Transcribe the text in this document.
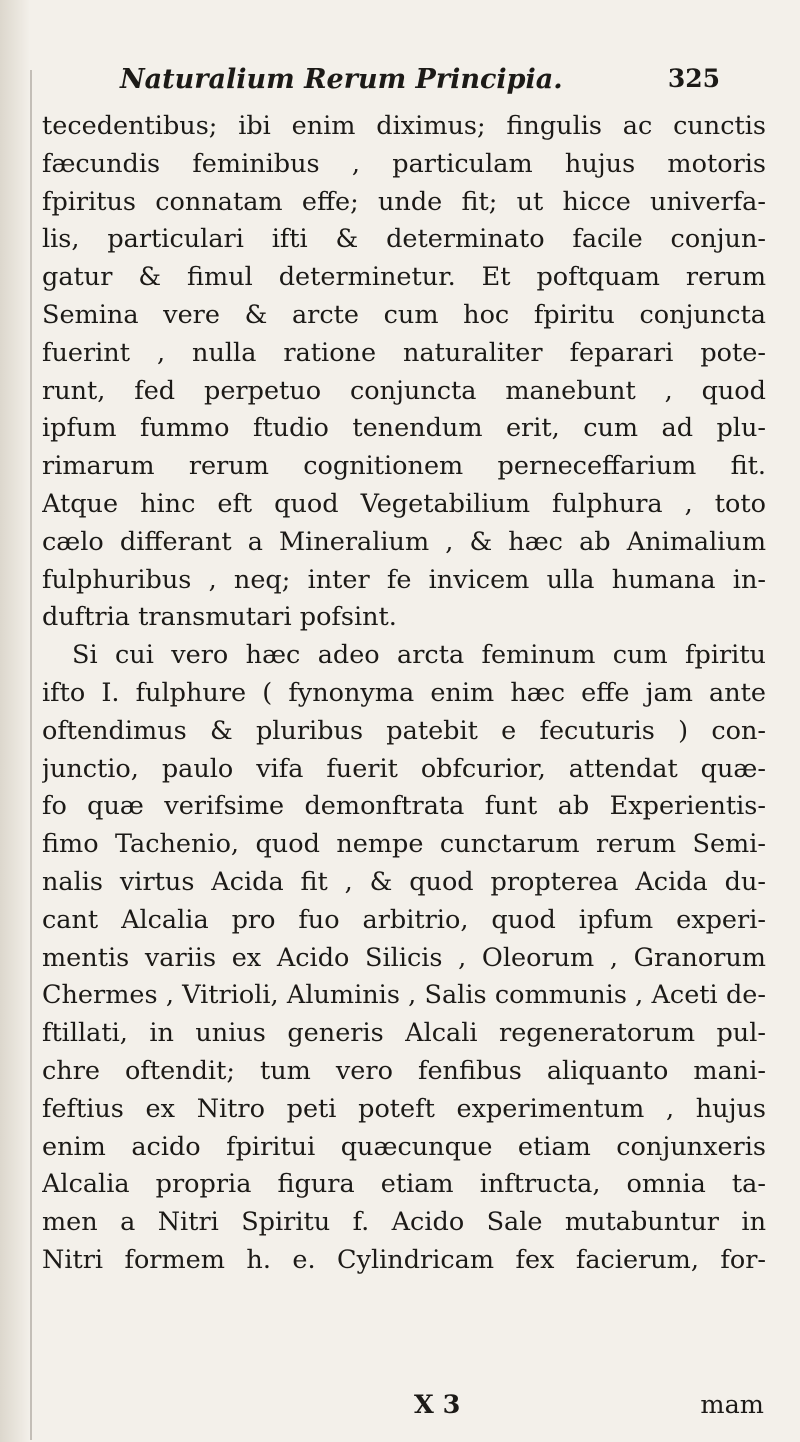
Naturalium Rerum Principia.	325
tecedentibus; ibi enim diximus; fingulis ac cunctis
fæcundis feminibus , particulam hujus motoris
fpiritus connatam effe; unde fit; ut hicce univerfa-
lis, particulari ifti & determinato facile conjun-
gatur & fimul determinetur. Et poftquam rerum
Semina vere & arcte cum hoc fpiritu conjuncta
fuerint , nulla ratione naturaliter feparari pote-
runt, fed perpetuo conjuncta manebunt , quod
ipfum fummo ftudio tenendum erit, cum ad plu-
rimarum rerum cognitionem perneceffarium fit.
Atque hinc eft quod Vegetabilium fulphura , toto
cælo differant a Mineralium , & hæc ab Animalium
fulphuribus , neq; inter fe invicem ulla humana in-
duftria transmutari pofsint.
Si cui vero hæc adeo arcta feminum cum fpiritu
ifto I. fulphure ( fynonyma enim hæc effe jam ante
oftendimus & pluribus patebit e fecuturis ) con-
junctio, paulo vifa fuerit obfcurior, attendat quæ-
fo quæ verifsime demonftrata funt ab Experientis-
fimo Tachenio, quod nempe cunctarum rerum Semi-
nalis virtus Acida fit , & quod propterea Acida du-
cant Alcalia pro fuo arbitrio, quod ipfum experi-
mentis variis ex Acido Silicis , Oleorum , Granorum
Chermes , Vitrioli, Aluminis , Salis communis , Aceti de-
ftillati, in unius generis Alcali regeneratorum pul-
chre oftendit; tum vero fenfibus aliquanto mani-
feftius ex Nitro peti poteft experimentum , hujus
enim acido fpiritui quæcunque etiam conjunxeris
Alcalia propria figura etiam inftructa, omnia ta-
men a Nitri Spiritu f. Acido Sale mutabuntur in
Nitri formem h. e. Cylindricam fex facierum, for-
X 3	mam
